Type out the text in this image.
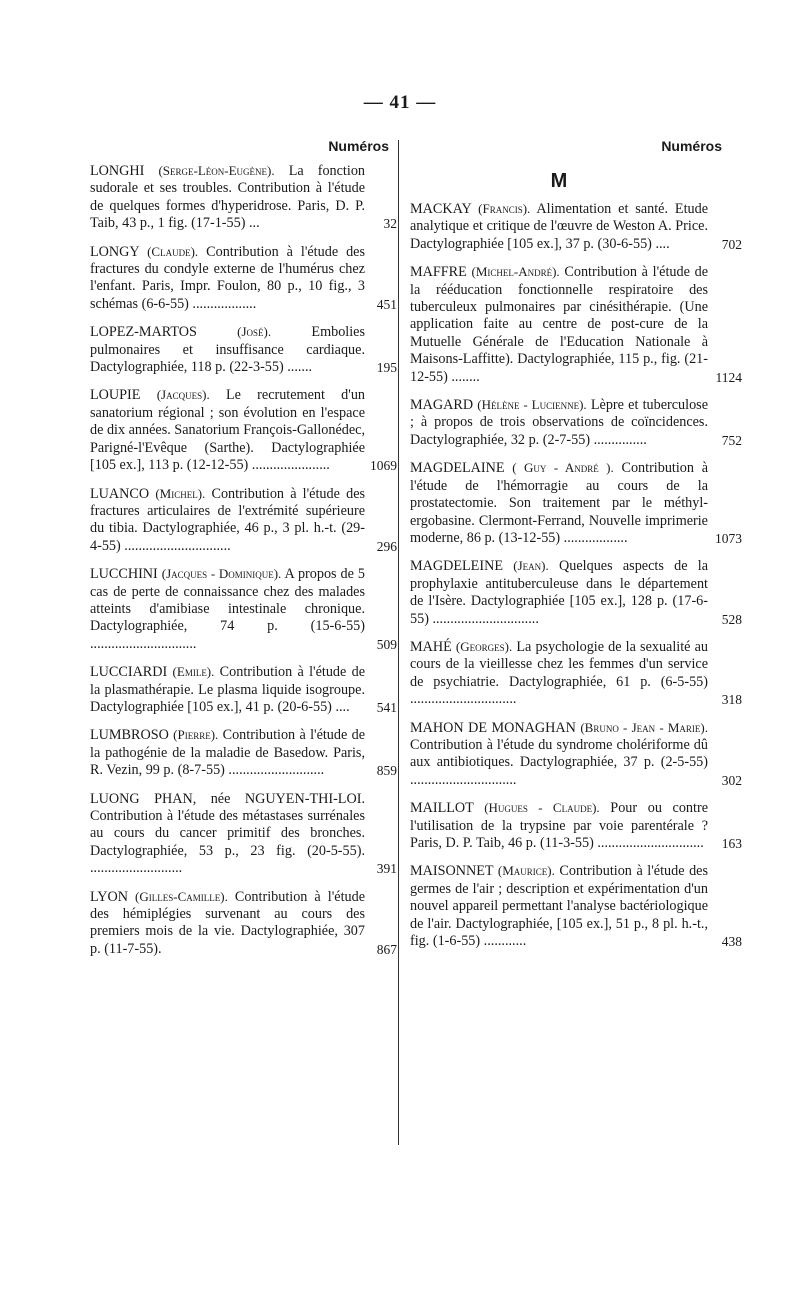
— 41 —
Numéros
LONGHI (Serge-Léon-Eugène). La fonction sudorale et ses troubles. Contribution à l'étude de quelques formes d'hyperidrose. Paris, D. P. Taib, 43 p., 1 fig. (17-1-55) ...	32
LONGY (Claude). Contribution à l'étude des fractures du condyle externe de l'humérus chez l'enfant. Paris, Impr. Foulon, 80 p., 10 fig., 3 schémas (6-6-55) ..................	451
LOPEZ-MARTOS	(José). Embolies pulmonaires et insuffisance cardiaque. Dactylographiée, 118 p. (22-3-55) .......	195
LOUPIE (Jacques). Le recrutement d'un sanatorium régional ; son évolution en l'espace de dix années. Sanatorium François-Gallonédec, Parigné-l'Evêque (Sarthe). Dactylographiée [105 ex.], 113 p. (12-12-55) ......................	1069
LUANCO (Michel). Contribution à l'étude des fractures articulaires de l'extrémité supérieure du tibia. Dactylographiée, 46 p., 3 pl. h.-t. (29-4-55) ..............................	296
LUCCHINI (Jacques - Dominique). A propos de 5 cas de perte de connaissance chez des malades atteints d'amibiase intestinale chronique. Dactylographiée, 74 p. (15-6-55) ..............................	509
LUCCIARDI (Emile). Contribution à l'étude de la plasmathérapie. Le plasma liquide isogroupe. Dactylographiée [105 ex.], 41 p. (20-6-55) .... 541
LUMBROSO (Pierre). Contribution à l'étude de la pathogénie de la maladie de Basedow. Paris, R. Vezin, 99 p. (8-7-55) ...........................	859
LUONG PHAN, née NGUYEN-THI-LOI. Contribution à l'étude des métastases surrénales au cours du cancer primitif des bronches. Dactylographiée, 53 p., 23 fig. (20-5-55). ..........................	391
LYON (Gilles-Camille). Contribution à l'étude des hémiplégies survenant au cours des premiers mois de la vie. Dactylographiée, 307 p. (11-7-55).	867
Numéros
M
MACKAY (Francis). Alimentation et santé. Etude analytique et critique de l'œuvre de Weston A. Price. Dactylographiée [105 ex.], 37 p. (30-6-55) ....	702
MAFFRE (Michel-André). Contribution à l'étude de la rééducation fonctionnelle respiratoire des tuberculeux pulmonaires par cinésithérapie. (Une application faite au centre de post-cure de la Mutuelle Générale de l'Education Nationale à Maisons-Laffitte). Dactylographiée, 115 p., fig. (21-12-55) ........	1124
MAGARD (Hélène - Lucienne). Lèpre et tuberculose ; à propos de trois observations de coïncidences. Dactylographiée, 32 p. (2-7-55) ...............	752
MAGDELAINE ( Guy - André ). Contribution à l'étude de l'hémorragie au cours de la prostatectomie. Son traitement par le méthyl-ergobasine. Clermont-Ferrand, Nouvelle imprimerie moderne, 86 p. (13-12-55) ..................	1073
MAGDELEINE (Jean). Quelques aspects de la prophylaxie antituberculeuse dans le département de l'Isère. Dactylographiée [105 ex.], 128 p. (17-6-55) ..............................	528
MAHÉ (Georges). La psychologie de la sexualité au cours de la vieillesse chez les femmes d'un service de psychiatrie. Dactylographiée, 61 p. (6-5-55) ..............................	318
MAHON DE MONAGHAN (Bruno - Jean - Marie). Contribution à l'étude du syndrome cholériforme dû aux antibiotiques. Dactylographiée, 37 p. (2-5-55) ..............................	302
MAILLOT (Hugues - Claude). Pour ou contre l'utilisation de la trypsine par voie parentérale ? Paris, D. P. Taib, 46 p. (11-3-55) .............................. 163
MAISONNET (Maurice). Contribution à l'étude des germes de l'air ; description et expérimentation d'un nouvel appareil permettant l'analyse bactériologique de l'air. Dactylographiée, [105 ex.], 51 p., 8 pl. h.-t., fig. (1-6-55) ............	438
